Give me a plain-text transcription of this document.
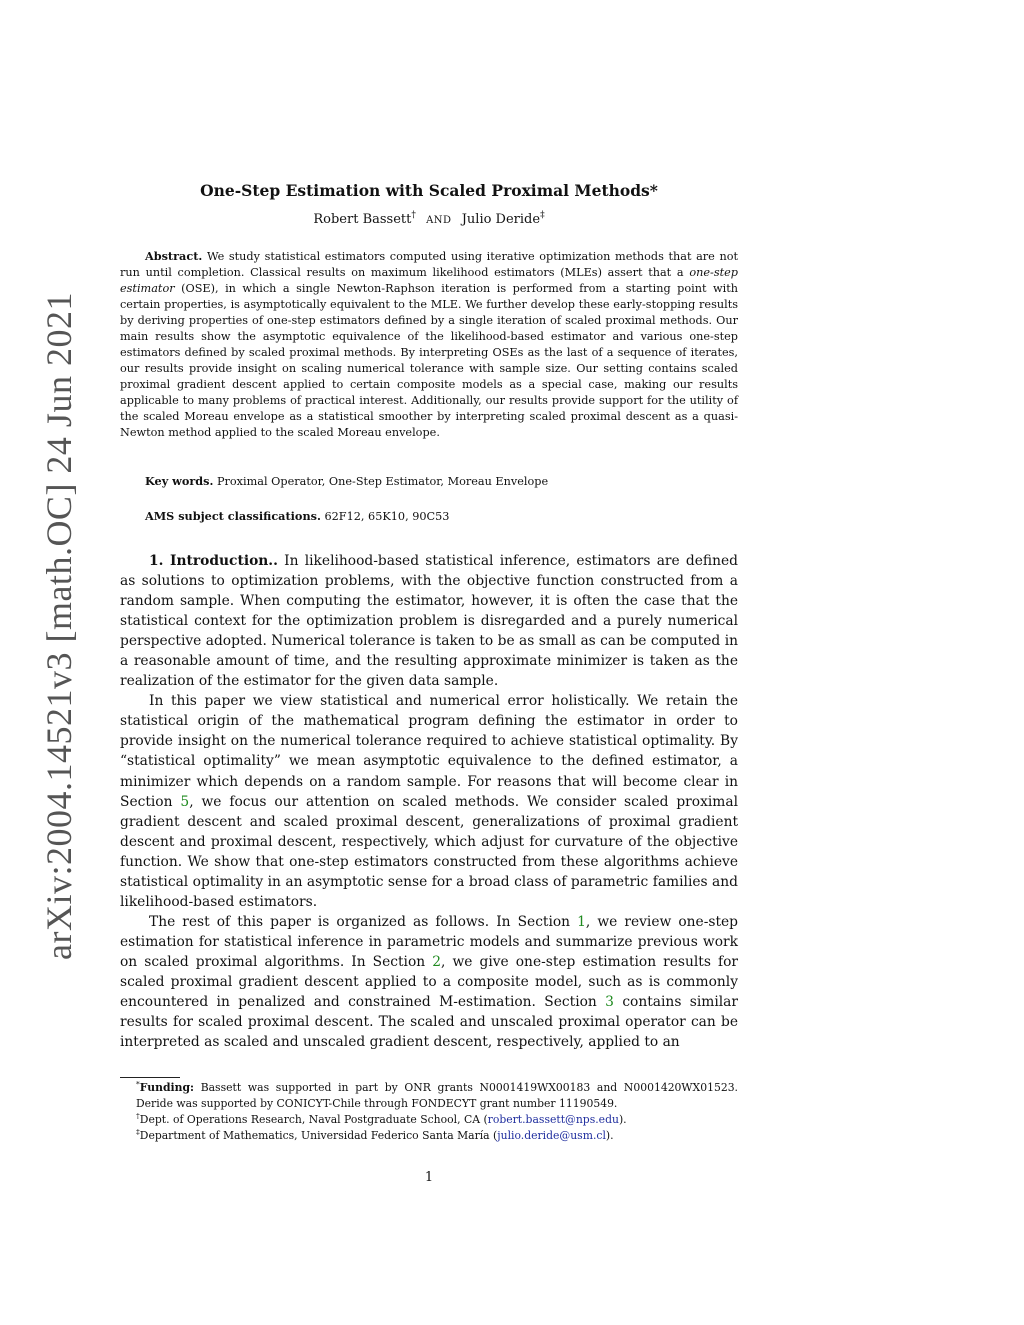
arXiv:2004.14521v3 [math.OC] 24 Jun 2021
One-Step Estimation with Scaled Proximal Methods*
Robert Bassett† AND Julio Deride‡
Abstract. We study statistical estimators computed using iterative optimization methods that are not run until completion. Classical results on maximum likelihood estimators (MLEs) assert that a one-step estimator (OSE), in which a single Newton-Raphson iteration is performed from a starting point with certain properties, is asymptotically equivalent to the MLE. We further develop these early-stopping results by deriving properties of one-step estimators defined by a single iteration of scaled proximal methods. Our main results show the asymptotic equivalence of the likelihood-based estimator and various one-step estimators defined by scaled proximal methods. By interpreting OSEs as the last of a sequence of iterates, our results provide insight on scaling numerical tolerance with sample size. Our setting contains scaled proximal gradient descent applied to certain composite models as a special case, making our results applicable to many problems of practical interest. Additionally, our results provide support for the utility of the scaled Moreau envelope as a statistical smoother by interpreting scaled proximal descent as a quasi-Newton method applied to the scaled Moreau envelope.
Key words. Proximal Operator, One-Step Estimator, Moreau Envelope
AMS subject classifications. 62F12, 65K10, 90C53

1. Introduction.. In likelihood-based statistical inference, estimators are defined as solutions to optimization problems, with the objective function constructed from a random sample. When computing the estimator, however, it is often the case that the statistical context for the optimization problem is disregarded and a purely numerical perspective adopted. Numerical tolerance is taken to be as small as can be computed in a reasonable amount of time, and the resulting approximate minimizer is taken as the realization of the estimator for the given data sample.

In this paper we view statistical and numerical error holistically. We retain the statistical origin of the mathematical program defining the estimator in order to provide insight on the numerical tolerance required to achieve statistical optimality. By “statistical optimality” we mean asymptotic equivalence to the defined estimator, a minimizer which depends on a random sample. For reasons that will become clear in Section 5, we focus our attention on scaled methods. We consider scaled proximal gradient descent and scaled proximal descent, generalizations of proximal gradient descent and proximal descent, respectively, which adjust for curvature of the objective function. We show that one-step estimators constructed from these algorithms achieve statistical optimality in an asymptotic sense for a broad class of parametric families and likelihood-based estimators.

The rest of this paper is organized as follows. In Section 1, we review one-step estimation for statistical inference in parametric models and summarize previous work on scaled proximal algorithms. In Section 2, we give one-step estimation results for scaled proximal gradient descent applied to a composite model, such as is commonly encountered in penalized and constrained M-estimation. Section 3 contains similar results for scaled proximal descent. The scaled and unscaled proximal operator can be interpreted as scaled and unscaled gradient descent, respectively, applied to an

*Funding: Bassett was supported in part by ONR grants N0001419WX00183 and N0001420WX01523. Deride was supported by CONICYT-Chile through FONDECYT grant number 11190549.
†Dept. of Operations Research, Naval Postgraduate School, CA (robert.bassett@nps.edu).
‡Department of Mathematics, Universidad Federico Santa María (julio.deride@usm.cl).
1
